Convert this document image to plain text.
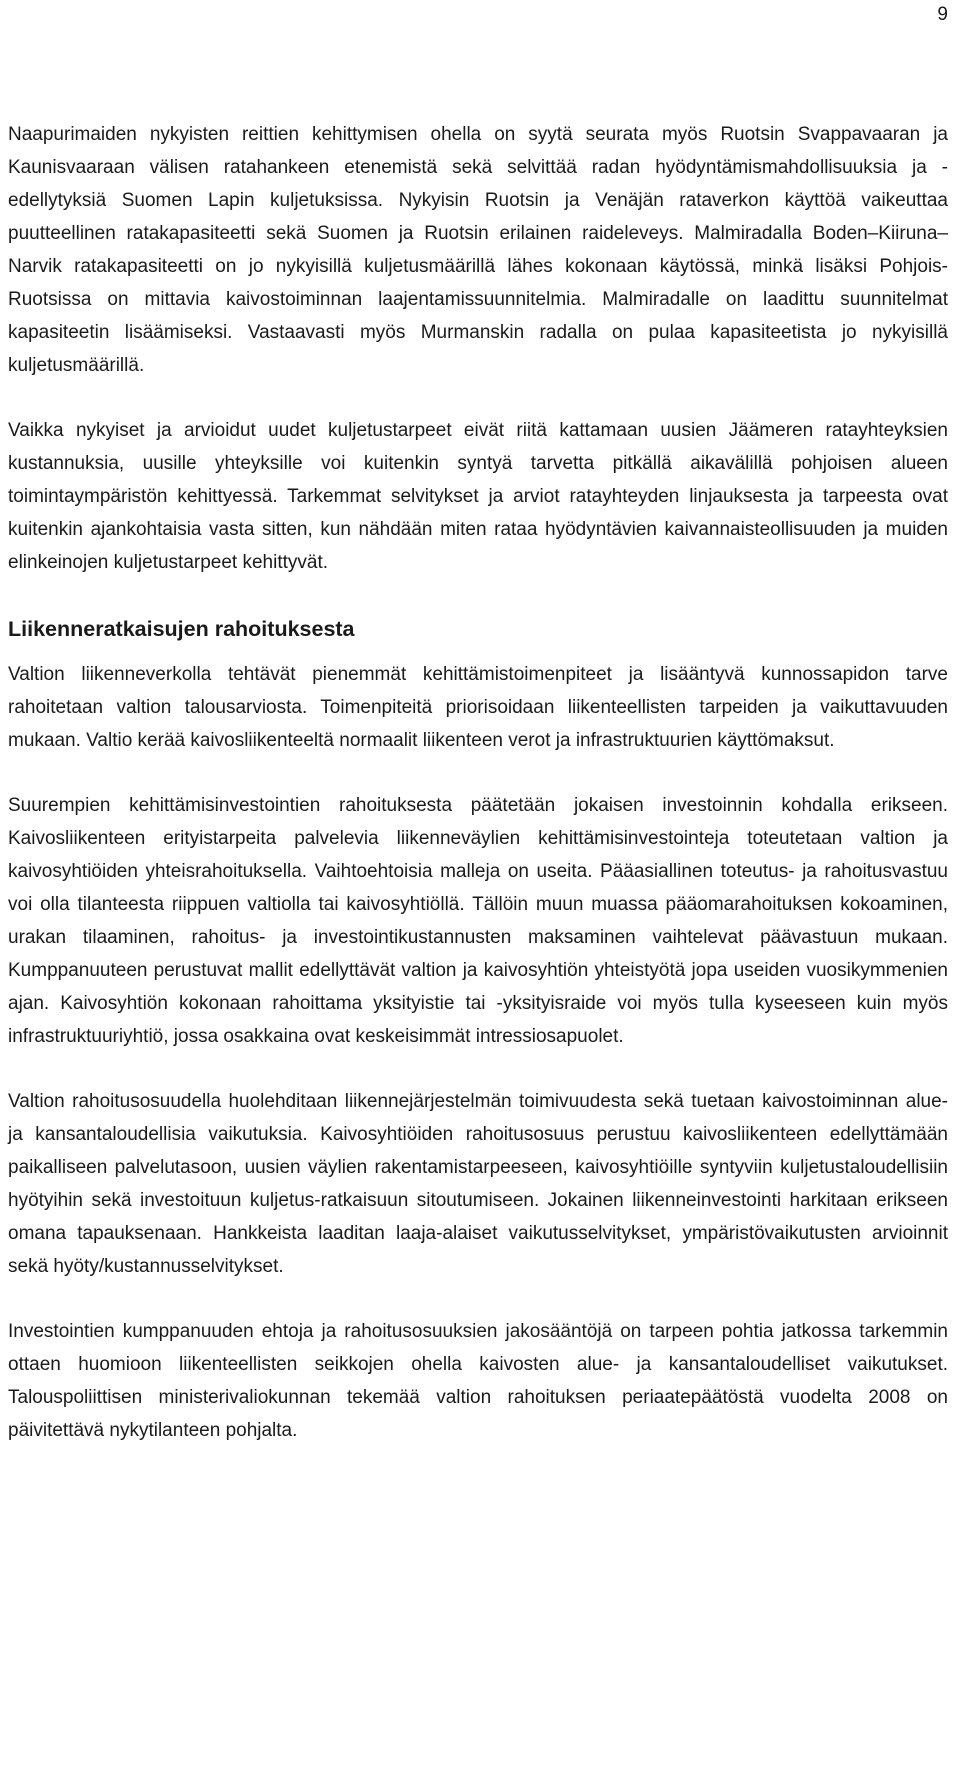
9

Naapurimaiden nykyisten reittien kehittymisen ohella on syytä seurata myös Ruotsin Svappavaaran ja Kaunisvaaraan välisen ratahankeen etenemistä sekä selvittää radan hyödyntämismahdollisuuksia ja -edellytyksiä Suomen Lapin kuljetuksissa. Nykyisin Ruotsin ja Venäjän rataverkon käyttöä vaikeuttaa puutteellinen ratakapasiteetti sekä Suomen ja Ruotsin erilainen raideleveys. Malmiradalla Boden–Kiiruna–Narvik ratakapasiteetti on jo nykyisillä kuljetusmäärillä lähes kokonaan käytössä, minkä lisäksi Pohjois-Ruotsissa on mittavia kaivostoiminnan laajentamissuunnitelmia. Malmiradalle on laadittu suunnitelmat kapasiteetin lisäämiseksi. Vastaavasti myös Murmanskin radalla on pulaa kapasiteetista jo nykyisillä kuljetusmäärillä.

Vaikka nykyiset ja arvioidut uudet kuljetustarpeet eivät riitä kattamaan uusien Jäämeren ratayhteyksien kustannuksia, uusille yhteyksille voi kuitenkin syntyä tarvetta pitkällä aikavälillä pohjoisen alueen toimintaympäristön kehittyessä. Tarkemmat selvitykset ja arviot ratayhteyden linjauksesta ja tarpeesta ovat kuitenkin ajankohtaisia vasta sitten, kun nähdään miten rataa hyödyntävien kaivannaisteollisuuden ja muiden elinkeinojen kuljetustarpeet kehittyvät.

Liikenneratkaisujen rahoituksesta

Valtion liikenneverkolla tehtävät pienemmät kehittämistoimenpiteet ja lisääntyvä kunnossapidon tarve rahoitetaan valtion talousarviosta. Toimenpiteitä priorisoidaan liikenteellisten tarpeiden ja vaikuttavuuden mukaan. Valtio kerää kaivosliikenteeltä normaalit liikenteen verot ja infrastruktuurien käyttömaksut.

Suurempien kehittämisinvestointien rahoituksesta päätetään jokaisen investoinnin kohdalla erikseen. Kaivosliikenteen erityistarpeita palvelevia liikenneväylien kehittämisinvestointeja toteutetaan valtion ja kaivosyhtiöiden yhteisrahoituksella. Vaihtoehtoisia malleja on useita. Pääasiallinen toteutus- ja rahoitusvastuu voi olla tilanteesta riippuen valtiolla tai kaivosyhtiöllä. Tällöin muun muassa pääomarahoituksen kokoaminen, urakan tilaaminen, rahoitus- ja investointikustannusten maksaminen vaihtelevat päävastuun mukaan. Kumppanuuteen perustuvat mallit edellyttävät valtion ja kaivosyhtiön yhteistyötä jopa useiden vuosikymmenien ajan. Kaivosyhtiön kokonaan rahoittama yksityistie tai -yksityisraide voi myös tulla kyseeseen kuin myös infrastruktuuriyhtiö, jossa osakkaina ovat keskeisimmät intressiosapuolet.

Valtion rahoitusosuudella huolehditaan liikennejärjestelmän toimivuudesta sekä tuetaan kaivostoiminnan alue- ja kansantaloudellisia vaikutuksia. Kaivosyhtiöiden rahoitusosuus perustuu kaivosliikenteen edellyttämään paikalliseen palvelutasoon, uusien väylien rakentamistarpeeseen, kaivosyhtiöille syntyviin kuljetustaloudellisiin hyötyihin sekä investoituun kuljetus-ratkaisuun sitoutumiseen. Jokainen liikenneinvestointi harkitaan erikseen omana tapauksenaan. Hankkeista laaditan laaja-alaiset vaikutusselvitykset, ympäristövaikutusten arvioinnit sekä hyöty/kustannusselvitykset.

Investointien kumppanuuden ehtoja ja rahoitusosuuksien jakosääntöjä on tarpeen pohtia jatkossa tarkemmin ottaen huomioon liikenteellisten seikkojen ohella kaivosten alue- ja kansantaloudelliset vaikutukset. Talouspoliittisen ministerivaliokunnan tekemää valtion rahoituksen periaatepäätöstä vuodelta 2008 on päivitettävä nykytilanteen pohjalta.
